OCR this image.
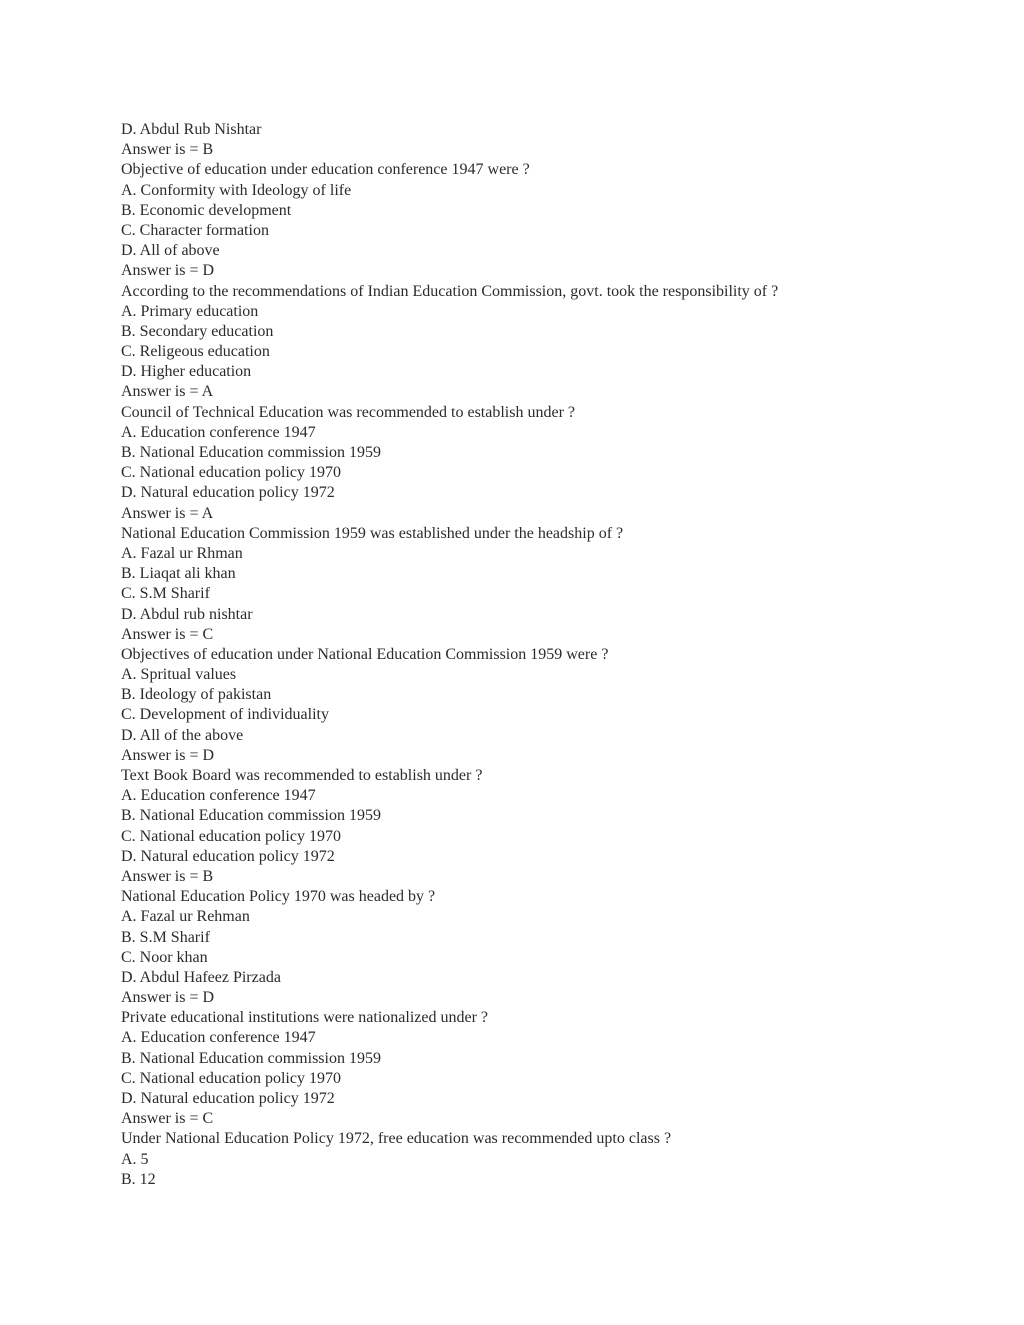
D. Abdul Rub Nishtar
Answer is = B
Objective of education under education conference 1947 were ?
A. Conformity with Ideology of life
B. Economic development
C. Character formation
D. All of above
Answer is = D
According to the recommendations of Indian Education Commission, govt. took the responsibility of ?
A. Primary education
B. Secondary education
C. Religeous education
D. Higher education
Answer is = A
Council of Technical Education was recommended to establish under ?
A. Education conference 1947
B. National Education commission 1959
C. National education policy 1970
D. Natural education policy 1972
Answer is = A
National Education Commission 1959 was established under the headship of ?
A. Fazal ur Rhman
B. Liaqat ali khan
C. S.M Sharif
D. Abdul rub nishtar
Answer is = C
Objectives of education under National Education Commission 1959 were ?
A. Spritual values
B. Ideology of pakistan
C. Development of individuality
D. All of the above
Answer is = D
Text Book Board was recommended to establish under ?
A. Education conference 1947
B. National Education commission 1959
C. National education policy 1970
D. Natural education policy 1972
Answer is = B
National Education Policy 1970 was headed by ?
A. Fazal ur Rehman
B. S.M Sharif
C. Noor khan
D. Abdul Hafeez Pirzada
Answer is = D
Private educational institutions were nationalized under ?
A. Education conference 1947
B. National Education commission 1959
C. National education policy 1970
D. Natural education policy 1972
Answer is = C
Under National Education Policy 1972, free education was recommended upto class ?
A. 5
B. 12
